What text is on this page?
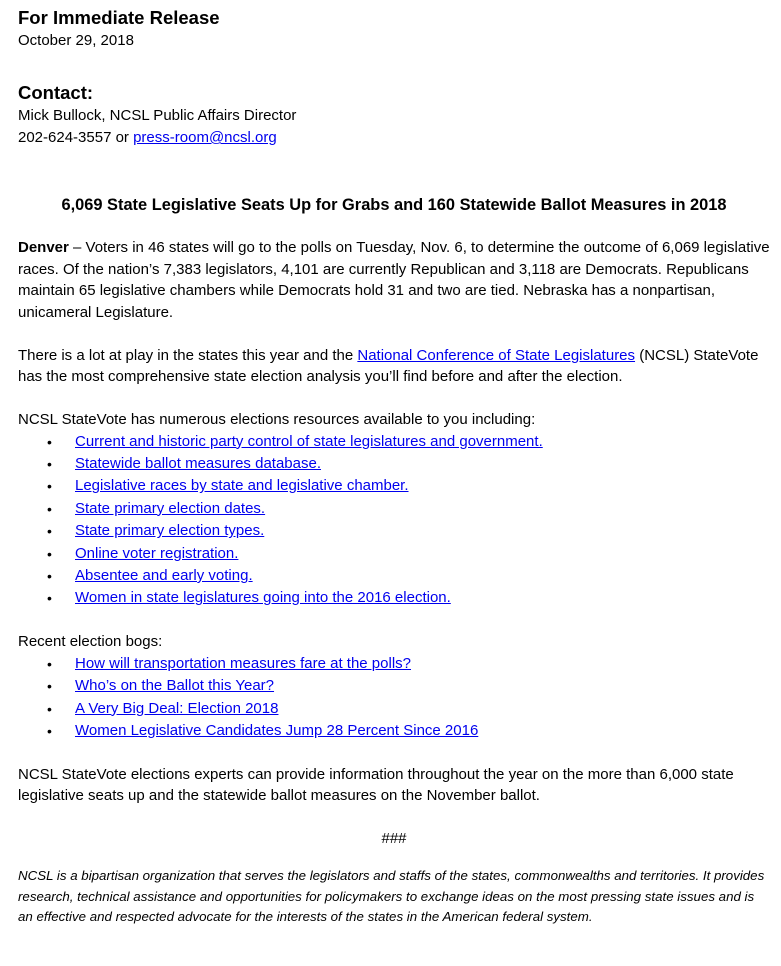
For Immediate Release

October 29, 2018

Contact:

Mick Bullock, NCSL Public Affairs Director

202-624-3557 or press-room@ncsl.org

6,069 State Legislative Seats Up for Grabs and 160 Statewide Ballot Measures in 2018

Denver – Voters in 46 states will go to the polls on Tuesday, Nov. 6, to determine the outcome of 6,069 legislative races. Of the nation’s 7,383 legislators, 4,101 are currently Republican and 3,118 are Democrats. Republicans maintain 65 legislative chambers while Democrats hold 31 and two are tied. Nebraska has a nonpartisan, unicameral Legislature.

There is a lot at play in the states this year and the National Conference of State Legislatures (NCSL) StateVote has the most comprehensive state election analysis you’ll find before and after the election.

NCSL StateVote has numerous elections resources available to you including:

• Current and historic party control of state legislatures and government.
• Statewide ballot measures database.
• Legislative races by state and legislative chamber.
• State primary election dates.
• State primary election types.
• Online voter registration.
• Absentee and early voting.
• Women in state legislatures going into the 2016 election.

Recent election bogs:

• How will transportation measures fare at the polls?
• Who’s on the Ballot this Year?
• A Very Big Deal: Election 2018
• Women Legislative Candidates Jump 28 Percent Since 2016

NCSL StateVote elections experts can provide information throughout the year on the more than 6,000 state legislative seats up and the statewide ballot measures on the November ballot.

###

NCSL is a bipartisan organization that serves the legislators and staffs of the states, commonwealths and territories. It provides research, technical assistance and opportunities for policymakers to exchange ideas on the most pressing state issues and is an effective and respected advocate for the interests of the states in the American federal system.
